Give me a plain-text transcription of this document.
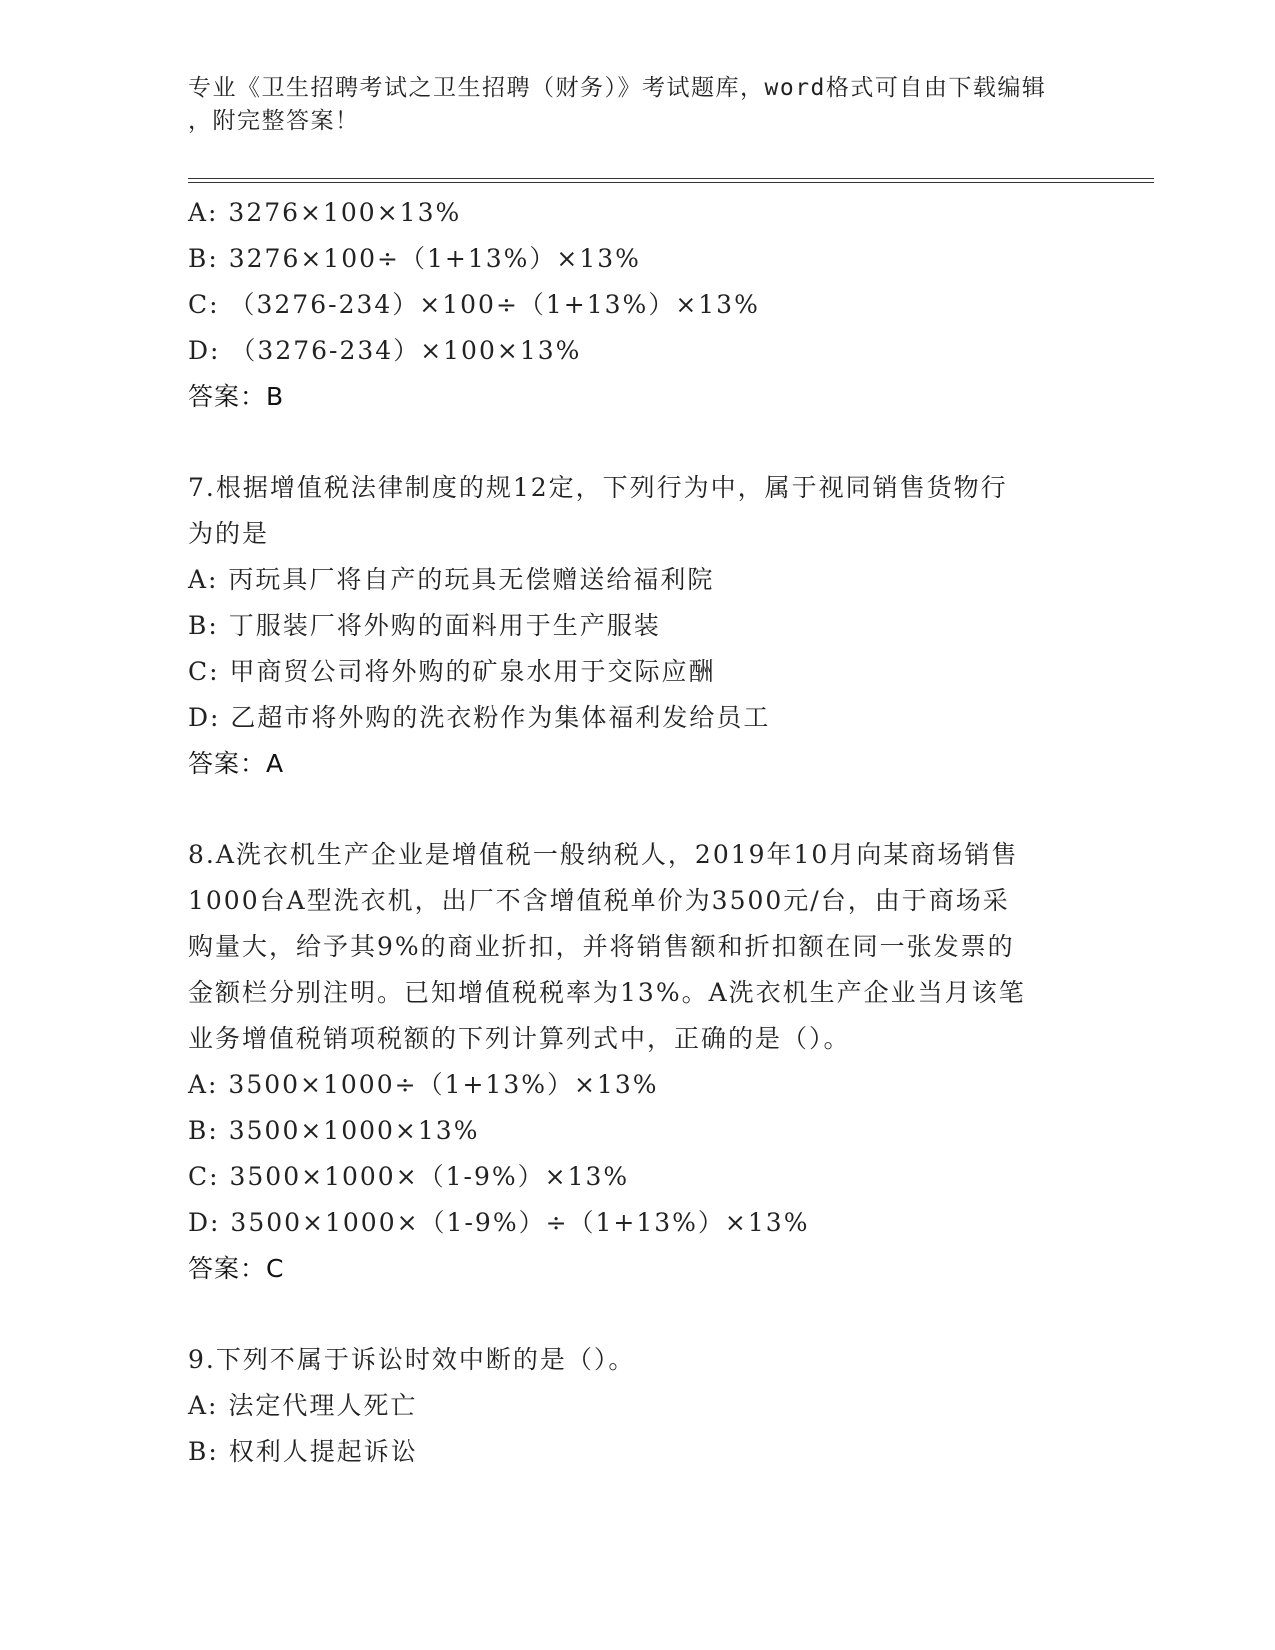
专业《卫生招聘考试之卫生招聘（财务）》考试题库，word格式可自由下载编辑
，附完整答案！
A: 3276×100×13%
B: 3276×100÷（1+13%）×13%
C: （3276-234）×100÷（1+13%）×13%
D: （3276-234）×100×13%
答案：B
7.根据增值税法律制度的规12定，下列行为中，属于视同销售货物行
为的是
A: 丙玩具厂将自产的玩具无偿赠送给福利院
B: 丁服装厂将外购的面料用于生产服装
C: 甲商贸公司将外购的矿泉水用于交际应酬
D: 乙超市将外购的洗衣粉作为集体福利发给员工
答案：A
8.A洗衣机生产企业是增值税一般纳税人，2019年10月向某商场销售
1000台A型洗衣机，出厂不含增值税单价为3500元/台，由于商场采
购量大，给予其9%的商业折扣，并将销售额和折扣额在同一张发票的
金额栏分别注明。已知增值税税率为13%。A洗衣机生产企业当月该笔
业务增值税销项税额的下列计算列式中，正确的是（）。
A: 3500×1000÷（1+13%）×13%
B: 3500×1000×13%
C: 3500×1000×（1-9%）×13%
D: 3500×1000×（1-9%）÷（1+13%）×13%
答案：C
9.下列不属于诉讼时效中断的是（）。
A: 法定代理人死亡
B: 权利人提起诉讼
